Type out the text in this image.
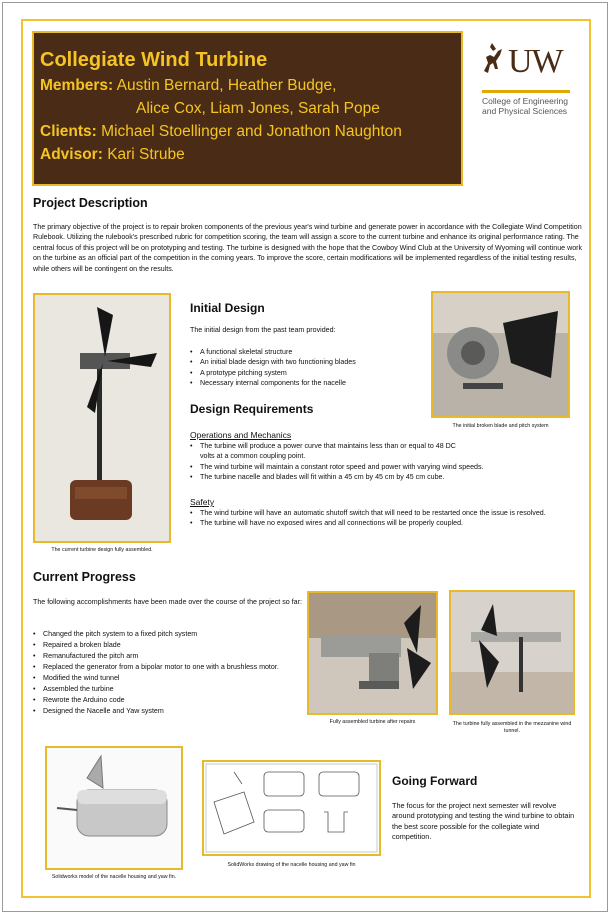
Collegiate Wind Turbine
Members: Austin Bernard, Heather Budge,
Alice Cox, Liam Jones, Sarah Pope
Clients: Michael Stoellinger and Jonathon Naughton
Advisor: Kari Strube
UW
College of Engineering
and Physical Sciences
Project Description
The primary objective of the project is to repair broken components of the previous year's wind turbine and generate power in accordance with the Collegiate Wind Competition Rulebook. Utilizing the rulebook's prescribed rubric for competition scoring, the team will assign a score to the current turbine and enhance its original performance rating. The central focus of this project will be on prototyping and testing. The turbine is designed with the hope that the Cowboy Wind Club at the University of Wyoming will continue work on the turbine as an official part of the competition in the coming years. To improve the score, certain modifications will be implemented regardless of the initial testing results, while others will be contingent on the results.
The current turbine design fully assembled.
Initial Design
The initial design from the past team provided:
• A functional skeletal structure
• An initial blade design with two functioning blades
• A prototype pitching system
• Necessary internal components for the nacelle
The initial broken blade and pitch system
Design Requirements
Operations and Mechanics
• The turbine will produce a power curve that maintains less than or equal to 48 DC volts at a common coupling point.
• The wind turbine will maintain a constant rotor speed and power with varying wind speeds.
• The turbine nacelle and blades will fit within a 45 cm by 45 cm by 45 cm cube.
Safety
• The wind turbine will have an automatic shutoff switch that will need to be restarted once the issue is resolved.
• The turbine will have no exposed wires and all connections will be properly coupled.
Current Progress
The following accomplishments have been made over the course of the project so far:
• Changed the pitch system to a fixed pitch system
• Repaired a broken blade
• Remanufactured the pitch arm
• Replaced the generator from a bipolar motor to one with a brushless motor.
• Modified the wind tunnel
• Assembled the turbine
• Rewrote the Arduino code
• Designed the Nacelle and Yaw system
Fully assembled turbine after repairs	The turbine fully assembled in the mezzanine wind tunnel.
Solidworks model of the nacelle housing and yaw fin.
SolidWorks drawing of the nacelle housing and yaw fin
Going Forward
The focus for the project next semester will revolve around prototyping and testing the wind turbine to obtain the best score possible for the collegiate wind competition.
